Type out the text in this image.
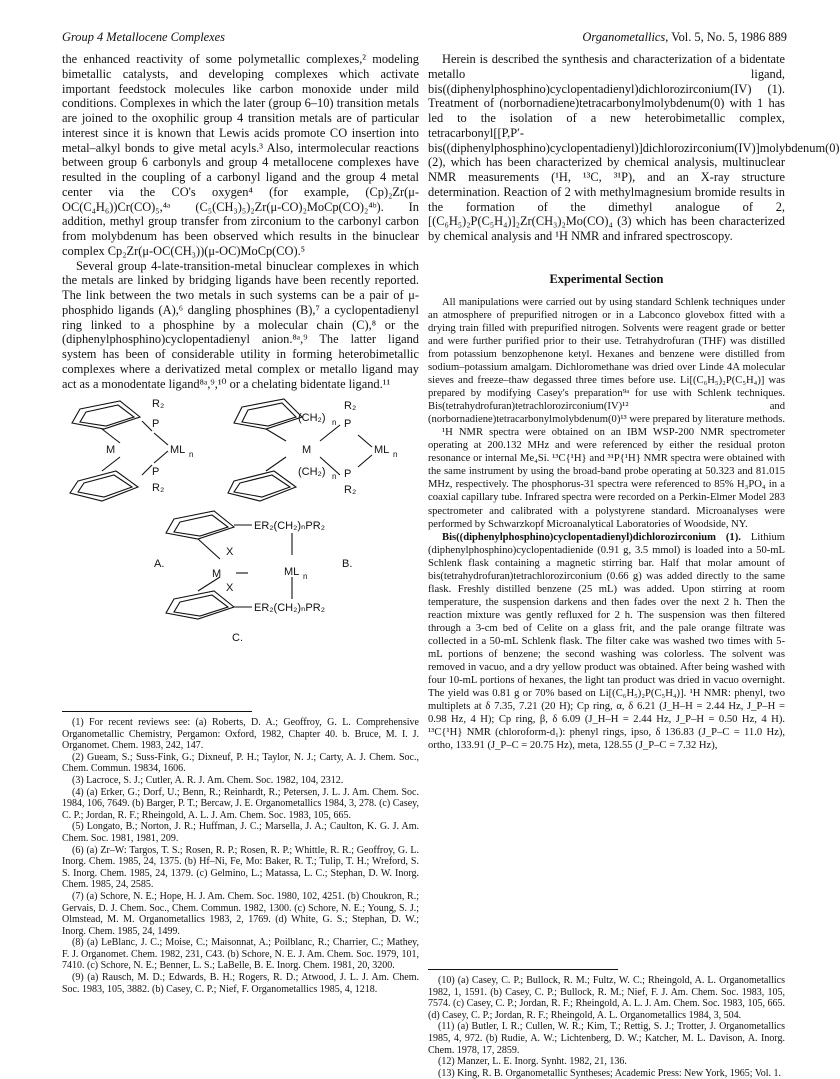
Group 4 Metallocene Complexes	Organometallics, Vol. 5, No. 5, 1986 889

the enhanced reactivity of some polymetallic complexes,² modeling bimetallic catalysts, and developing complexes which activate important feedstock molecules like carbon monoxide under mild conditions. Complexes in which the later (group 6–10) transition metals are joined to the oxophilic group 4 transition metals are of particular interest since it is known that Lewis acids promote CO insertion into metal–alkyl bonds to give metal acyls.³ Also, intermolecular reactions between group 6 carbonyls and group 4 metallocene complexes have resulted in the coupling of a carbonyl ligand and the group 4 metal center via the CO's oxygen⁴ (for example, (Cp)₂Zr(μ-OC(C₄H₆))Cr(CO)₅,⁴ᵃ (C₅(CH₃)₅)₂Zr(μ-CO)₂MoCp(CO)₂⁴ᵇ). In addition, methyl group transfer from zirconium to the carbonyl carbon from molybdenum has been observed which results in the binuclear complex Cp₂Zr(μ-OC(CH₃))(μ-OC)MoCp(CO).⁵

Several group 4-late-transition-metal binuclear complexes in which the metals are linked by bridging ligands have been recently reported. The link between the two metals in such systems can be a pair of μ-phosphido ligands (A),⁶ dangling phosphines (B),⁷ a cyclopentadienyl ring linked to a phosphine by a molecular chain (C),⁸ or the (diphenylphosphino)cyclopentadienyl anion.⁸ᵃ,⁹ The latter ligand system has been of considerable utility in forming heterobimetallic complexes where a derivatized metal complex or metallo ligand may act as a monodentate ligand⁸ᵃ,⁹,¹⁰ or a chelating bidentate ligand.¹¹

R₂
P
M	ML n
P
R₂
A.
R₂
P
(CH₂) n
M	ML n
(CH₂) n P
R₂
B.
ER₂(CH₂)ₙPR₂
X
M	ML n
X
ER₂(CH₂)ₙPR₂
C.

(1) For recent reviews see: (a) Roberts, D. A.; Geoffroy, G. L. Comprehensive Organometallic Chemistry, Pergamon: Oxford, 1982, Chapter 40. b. Bruce, M. I. J. Organomet. Chem. 1983, 242, 147.

(2) Gueam, S.; Suss-Fink, G.; Dixneuf, P. H.; Taylor, N. J.; Carty, A. J. Chem. Soc., Chem. Commun. 19834, 1606.

(3) Lacroce, S. J.; Cutler, A. R. J. Am. Chem. Soc. 1982, 104, 2312.

(4) (a) Erker, G.; Dorf, U.; Benn, R.; Reinhardt, R.; Petersen, J. L. J. Am. Chem. Soc. 1984, 106, 7649. (b) Barger, P. T.; Bercaw, J. E. Organometallics 1984, 3, 278. (c) Casey, C. P.; Jordan, R. F.; Rheingold, A. L. J. Am. Chem. Soc. 1983, 105, 665.

(5) Longato, B.; Norton, J. R.; Huffman, J. C.; Marsella, J. A.; Caulton, K. G. J. Am. Chem. Soc. 1981, 1981, 209.

(6) (a) Zr–W: Targos, T. S.; Rosen, R. P.; Rosen, R. P.; Whittle, R. R.; Geoffroy, G. L. Inorg. Chem. 1985, 24, 1375. (b) Hf–Ni, Fe, Mo: Baker, R. T.; Tulip, T. H.; Wreford, S. S. Inorg. Chem. 1985, 24, 1379. (c) Gelmino, L.; Matassa, L. C.; Stephan, D. W. Inorg. Chem. 1985, 24, 2585.

(7) (a) Schore, N. E.; Hope, H. J. Am. Chem. Soc. 1980, 102, 4251. (b) Choukron, R.; Gervais, D. J. Chem. Soc., Chem. Commun. 1982, 1300. (c) Schore, N. E.; Young, S. J.; Olmstead, M. M. Organometallics 1983, 2, 1769. (d) White, G. S.; Stephan, D. W.; Inorg. Chem. 1985, 24, 1499.

(8) (a) LeBlanc, J. C.; Moise, C.; Maisonnat, A.; Poilblanc, R.; Charrier, C.; Mathey, F. J. Organomet. Chem. 1982, 231, C43. (b) Schore, N. E. J. Am. Chem. Soc. 1979, 101, 7410. (c) Schore, N. E.; Benner, L. S.; LaBelle, B. E. Inorg. Chem. 1981, 20, 3200.

(9) (a) Rausch, M. D.; Edwards, B. H.; Rogers, R. D.; Atwood, J. L. J. Am. Chem. Soc. 1983, 105, 3882. (b) Casey, C. P.; Nief, F. Organometallics 1985, 4, 1218.

Herein is described the synthesis and characterization of a bidentate metallo ligand, bis((diphenylphosphino)cyclopentadienyl)dichlorozirconium(IV) (1). Treatment of (norbornadiene)tetracarbonylmolybdenum(0) with 1 has led to the isolation of a new heterobimetallic complex, tetracarbonyl[[P,P′-bis((diphenylphosphino)cyclopentadienyl)]dichlorozirconium(IV)]molybdenum(0) (2), which has been characterized by chemical analysis, multinuclear NMR measurements (¹H, ¹³C, ³¹P), and an X-ray structure determination. Reaction of 2 with methylmagnesium bromide results in the formation of the dimethyl analogue of 2, [(C₆H₅)₂P(C₅H₄)]₂Zr(CH₃)₂Mo(CO)₄ (3) which has been characterized by chemical analysis and ¹H NMR and infrared spectroscopy.

Experimental Section

All manipulations were carried out by using standard Schlenk techniques under an atmosphere of prepurified nitrogen or in a Labconco glovebox fitted with a drying train filled with prepurified nitrogen. Solvents were reagent grade or better and were further purified prior to their use. Tetrahydrofuran (THF) was distilled from potassium benzophenone ketyl. Hexanes and benzene were distilled from sodium–potassium amalgam. Dichloromethane was dried over Linde 4A molecular sieves and freeze–thaw degassed three times before use. Li[(C₆H₅)₂P(C₅H₄)] was prepared by modifying Casey's preparation⁹ᵃ for use with Schlenk techniques. Bis(tetrahydrofuran)tetrachlorozirconium(IV)¹² and (norbornadiene)tetracarbonylmolybdenum(0)¹³ were prepared by literature methods.

¹H NMR spectra were obtained on an IBM WSP-200 NMR spectrometer operating at 200.132 MHz and were referenced by either the residual proton resonance or internal Me₄Si. ¹³C{¹H} and ³¹P{¹H} NMR spectra were obtained with the same instrument by using the broad-band probe operating at 50.323 and 81.015 MHz, respectively. The phosphorus-31 spectra were referenced to 85% H₃PO₄ in a coaxial capillary tube. Infrared spectra were recorded on a Perkin-Elmer Model 283 spectrometer and calibrated with a polystyrene standard. Microanalyses were performed by Schwarzkopf Microanalytical Laboratories of Woodside, NY.

Bis((diphenylphosphino)cyclopentadienyl)dichlorozirconium (1). Lithium (diphenylphosphino)cyclopentadienide (0.91 g, 3.5 mmol) is loaded into a 50-mL Schlenk flask containing a magnetic stirring bar. Half that molar amount of bis(tetrahydrofuran)tetrachlorozirconium (0.66 g) was added directly to the same flask. Freshly distilled benzene (25 mL) was added. Upon stirring at room temperature, the suspension darkens and then fades over the next 2 h. Then the reaction mixture was gently refluxed for 2 h. The suspension was then filtered through a 3-cm bed of Celite on a glass frit, and the pale orange filtrate was collected in a 50-mL Schlenk flask. The filter cake was washed two times with 5-mL portions of benzene; the second washing was colorless. The solvent was removed in vacuo, and a dry yellow product was obtained. After being washed with four 10-mL portions of hexanes, the light tan product was dried in vacuo overnight. The yield was 0.81 g or 70% based on Li[(C₆H₅)₂P(C₅H₄)]. ¹H NMR: phenyl, two multiplets at δ 7.35, 7.21 (20 H); Cp ring, α, δ 6.21 (J_H–H = 2.44 Hz, J_P–H = 0.98 Hz, 4 H); Cp ring, β, δ 6.09 (J_H–H = 2.44 Hz, J_P–H = 0.50 Hz, 4 H). ¹³C{¹H} NMR (chloroform-d₁): phenyl rings, ipso, δ 136.83 (J_P–C = 11.0 Hz), ortho, 133.91 (J_P–C = 20.75 Hz), meta, 128.55 (J_P–C = 7.32 Hz),

(10) (a) Casey, C. P.; Bullock, R. M.; Fultz, W. C.; Rheingold, A. L. Organometallics 1982, 1, 1591. (b) Casey, C. P.; Bullock, R. M.; Nief, F. J. Am. Chem. Soc. 1983, 105, 7574. (c) Casey, C. P.; Jordan, R. F.; Rheingold, A. L. J. Am. Chem. Soc. 1983, 105, 665. (d) Casey, C. P.; Jordan, R. F.; Rheingold, A. L. Organometallics 1984, 3, 504.

(11) (a) Butler, I. R.; Cullen, W. R.; Kim, T.; Rettig, S. J.; Trotter, J. Organometallics 1985, 4, 972. (b) Rudie, A. W.; Lichtenberg, D. W.; Katcher, M. L. Davison, A. Inorg. Chem. 1978, 17, 2859.

(12) Manzer, L. E. Inorg. Synht. 1982, 21, 136.

(13) King, R. B. Organometallic Syntheses; Academic Press: New York, 1965; Vol. 1.
